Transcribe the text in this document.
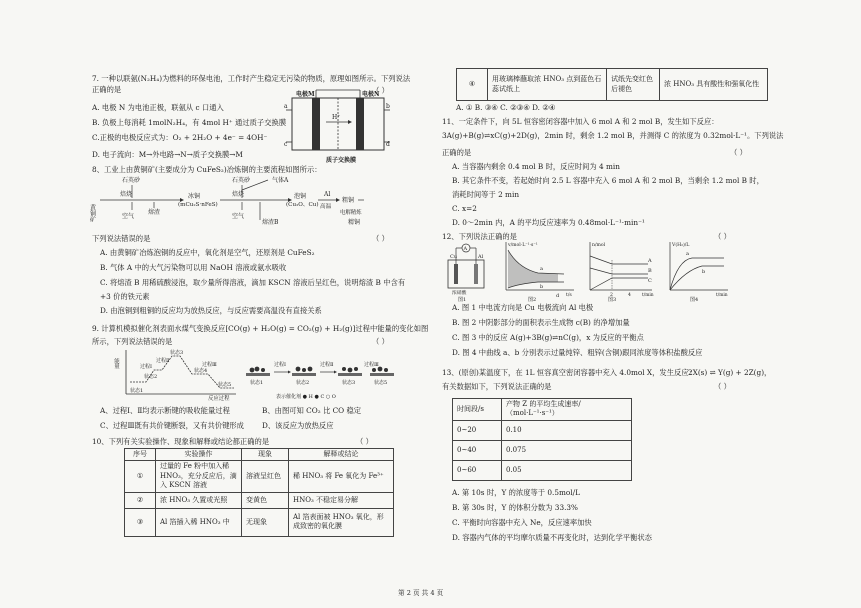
7. 一种以联氨(N₂H₄)为燃料的环保电池，工作时产生稳定无污染的物质，原理如图所示。下列说法
正确的是	（ ）
A. 电极 N 为电池正极，联氨从 c 口通入
B. 负极上每消耗 1molN₂H₄，有 4mol H⁺ 通过质子交换膜
C.正极的电极反应式为：O₂ + 2H₂O + 4e⁻ = 4OH⁻
D. 电子流向：M→外电路→N→质子交换膜→M
H⁺
电极M	电极N
a	b
c	d
质子交换膜
8、工业上由黄铜矿(主要成分为 CuFeS₂)冶炼铜的主要流程如图所示：
黄铜矿
石英砂
焙烧
空气
冰铜
(mCu₂S·nFeS)
熔渣
石英砂	气体A
焙烧
空气
熔渣B
泡铜
(Cu₂O、Cu)
Al
高温
粗铜
电解精炼
精铜
下列说法错误的是	（ ）
A. 由黄铜矿冶炼泡铜的反应中，氧化剂是空气，还原剂是 CuFeS₂
B. 气体 A 中的大气污染物可以用 NaOH 溶液或氨水吸收
C. 将熔渣 B 用稀硫酸浸泡，取少量所得溶液，滴加 KSCN 溶液后呈红色，说明熔渣 B 中含有
+3 价的铁元素
D. 由泡铜到粗铜的反应均为放热反应，与反应需要高温没有直接关系
9. 计算机模拟催化剂表面水煤气变换反应[CO(g) + H₂O(g) = CO₂(g) + H₂(g)]过程中能量的变化如图
所示，下列说法错误的是	（ ）
能量
反应过程
状态1
状态2
状态3
状态4
状态5
过程Ⅰ
过程Ⅱ
过程Ⅲ	过程Ⅰ	过程Ⅱ	过程Ⅲ
状态1	状态2	状态3	状态5
表示催化剂 ● H ● C ○ O
A、过程Ⅰ、Ⅱ均表示断键的吸收能量过程	B、由图可知 CO₂ 比 CO 稳定
C、过程Ⅲ既有共价键断裂，又有共价键形成 D、该反应为放热反应
10、下列有关实验操作、现象和解释或结论都正确的是	（ ）
序号	实验操作	现象	解释或结论
①	过量的 Fe 粉中加入稀 HNO₃，充分反应后，滴入 KSCN 溶液	溶液呈红色	稀 HNO₃ 将 Fe 氧化为 Fe³⁺
②	浓 HNO₃ 久置或光照	变黄色	HNO₃ 不稳定易分解
③	Al 箔插入稀 HNO₃ 中	无现象	Al 箔表面被 HNO₃ 氧化，形成致密的氧化膜
④	用玻璃棒蘸取浓 HNO₃ 点到蓝色石蕊试纸上	试纸先变红色后褪色	浓 HNO₃ 具有酸性和强氧化性
A. ① B. ③④ C. ②③④ D. ②④
11、一定条件下，向 5L 恒容密闭容器中加入 6 mol A 和 2 mol B，发生如下反应：
3A(g)+B(g)⇌xC(g)+2D(g)，2min 时，剩余 1.2 mol B，并测得 C 的浓度为 0.32mol·L⁻¹。下列说法
正确的是	（ ）
A. 当容器内剩余 0.4 mol B 时，反应时间为 4 min
B. 其它条件不变，若起始时向 2.5 L 容器中充入 6 mol A 和 2 mol B，当剩余 1.2 mol B 时，
消耗时间等于 2 min
C. x=2
D. 0～2min 内，A 的平均反应速率为 0.48mol·L⁻¹·min⁻¹
12、下列说法正确的是	（ ）
A
Cu	Al
浓硝酸
图1
v/mol·L⁻¹·s⁻¹
t/s
a
b
d
图2
n/mol
t/min
A
B
C
2	4
图3
V(H₂)/L
t/min
a
b
图4
A. 图 1 中电流方向是 Cu 电极流向 Al 电极
B. 图 2 中阴影部分的面积表示生成物 c(B) 的净增加量
C. 图 3 中的反应 A(g)+3B(g)⇌nC(g)，x 为反应的平衡点
D. 图 4 中曲线 a、b 分别表示过量纯锌、粗锌(含铜)跟同浓度等体积盐酸反应
13、(原创)某温度下，在 1L 恒容真空密闭容器中充入 4.0mol X，发生反应：
2X(s) ⇌ Y(g) + 2Z(g)，
有关数据如下，下列说法正确的是	（ ）
时间段/s	产物 Z 的平均生成速率/（mol·L⁻¹·s⁻¹）
0~20	0.10
0~40	0.075
0~60	0.05
A. 第 10s 时，Y 的浓度等于 0.5mol/L
B. 第 30s 时，Y 的体积分数为 33.3%
C. 平衡时向容器中充入 Ne，反应速率加快
D. 容器内气体的平均摩尔质量不再变化时，达到化学平衡状态
第 2 页 共 4 页
